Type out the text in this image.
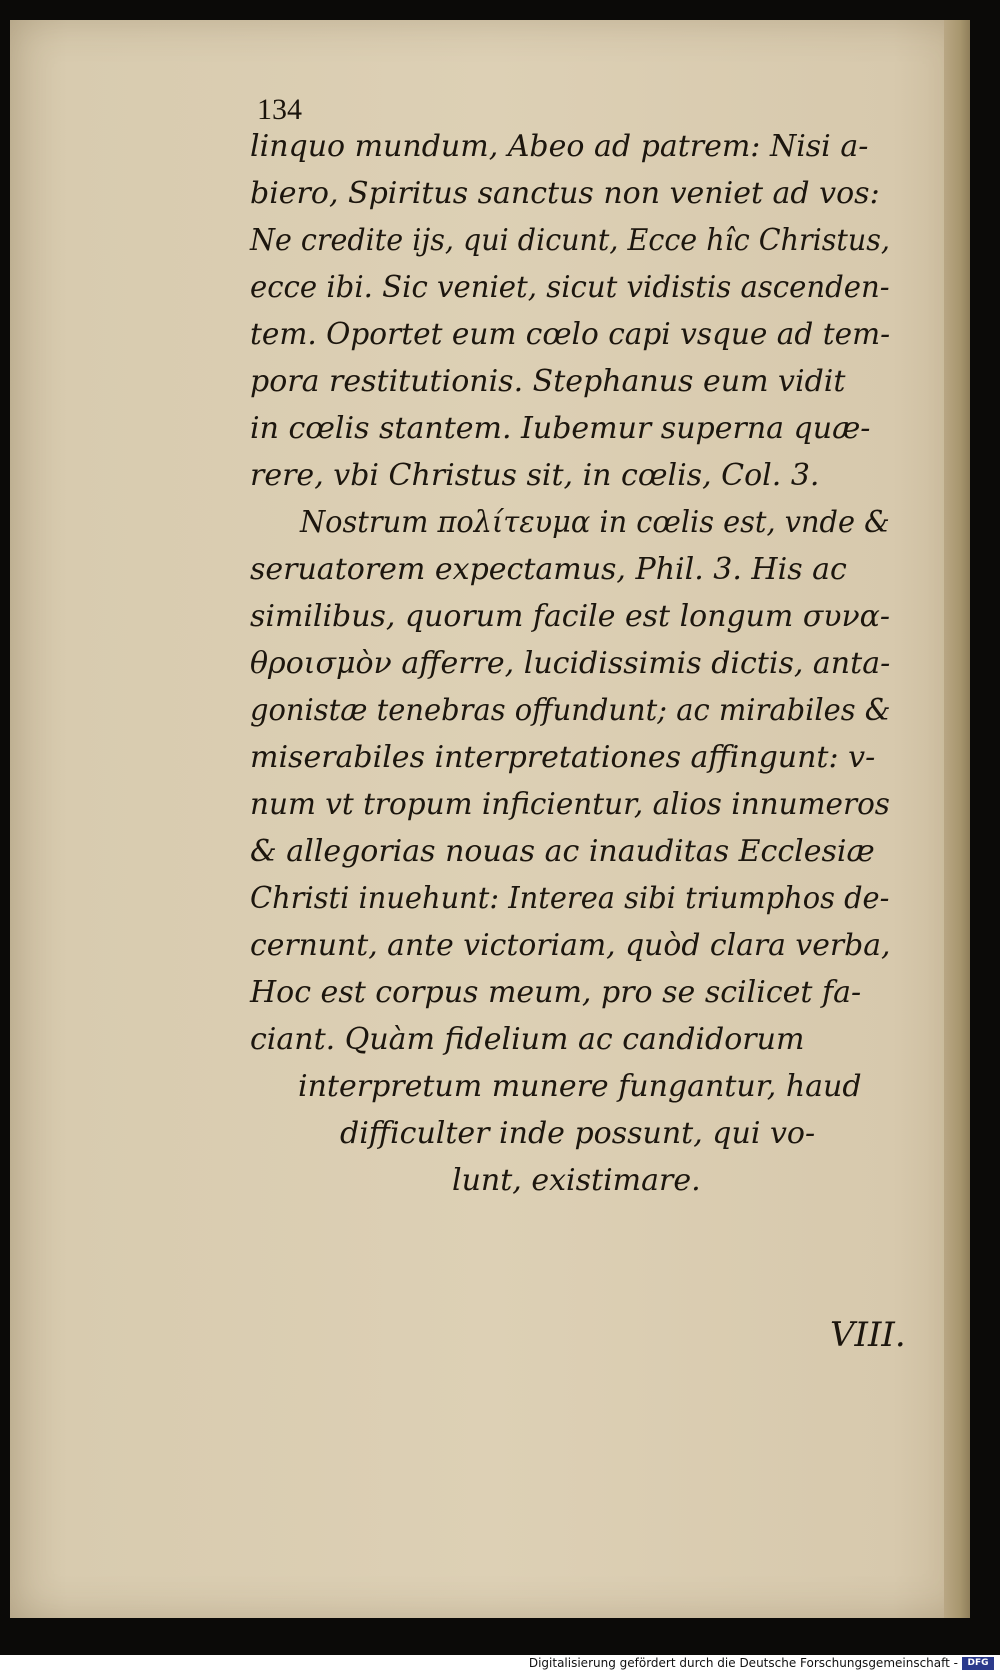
134
linquo mundum, Abeo ad patrem: Nisi a-
biero, Spiritus sanctus non veniet ad vos:
Ne credite ijs, qui dicunt, Ecce hîc Christus,
ecce ibi. Sic veniet, sicut vidistis ascenden-
tem. Oportet eum cœlo capi vsque ad tem-
pora restitutionis. Stephanus eum vidit
in cœlis stantem. Iubemur superna quæ-
rere, vbi Christus sit, in cœlis, Col. 3.
Nostrum πολίτευμα in cœlis est, vnde &
seruatorem expectamus, Phil. 3. His ac
similibus, quorum facile est longum συνα-
θροισμὸν afferre, lucidissimis dictis, anta-
gonistæ tenebras offundunt; ac mirabiles &
miserabiles interpretationes affingunt: v-
num vt tropum inficientur, alios innumeros
& allegorias nouas ac inauditas Ecclesiæ
Christi inuehunt: Interea sibi triumphos de-
cernunt, ante victoriam, quòd clara verba,
Hoc est corpus meum, pro se scilicet fa-
ciant. Quàm fidelium ac candidorum
interpretum munere fungantur, haud
difficulter inde possunt, qui vo-
lunt, existimare.
VIII.
Digitalisierung gefördert durch die Deutsche Forschungsgemeinschaft -	DFG
